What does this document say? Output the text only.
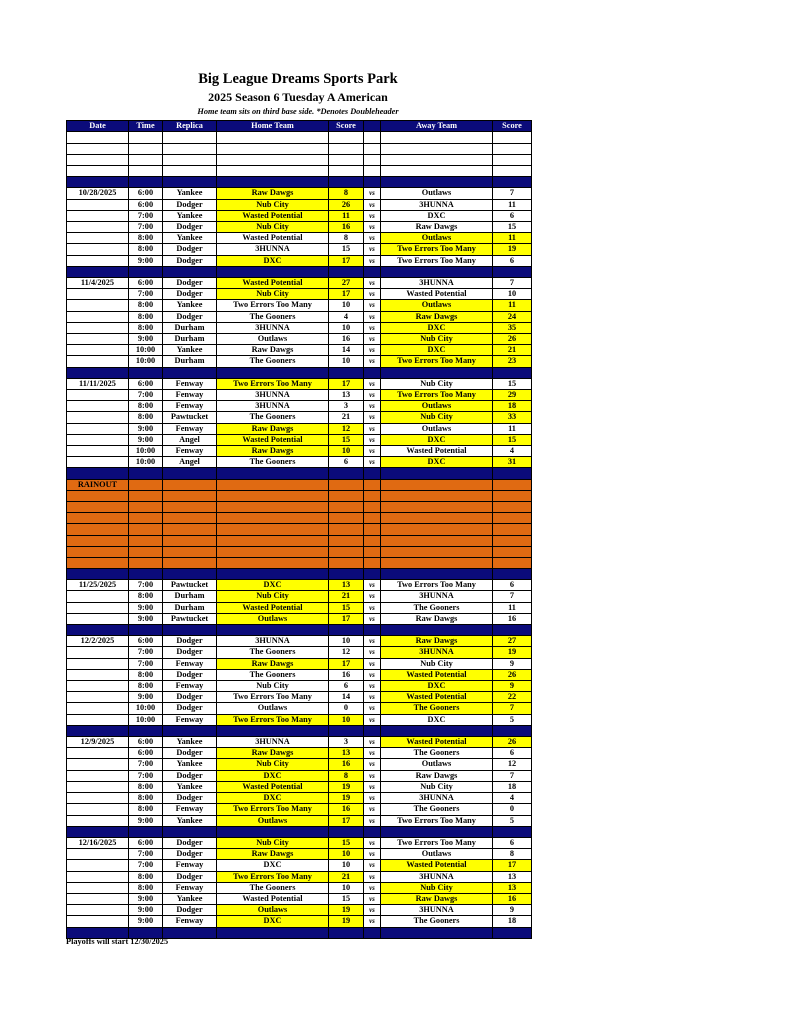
Big League Dreams Sports Park
2025 Season 6 Tuesday A American
Home team sits on third base side. *Denotes Doubleheader
Date	Time	Replica	Home Team	Score		Away Team	Score

10/28/2025	6:00	Yankee	Raw Dawgs	8	vs	Outlaws	7
	6:00	Dodger	Nub City	26	vs	3HUNNA	11
	7:00	Yankee	Wasted Potential	11	vs	DXC	6
	7:00	Dodger	Nub City	16	vs	Raw Dawgs	15
	8:00	Yankee	Wasted Potential	8	vs	Outlaws	11
	8:00	Dodger	3HUNNA	15	vs	Two Errors Too Many	19
	9:00	Dodger	DXC	17	vs	Two Errors Too Many	6

11/4/2025	6:00	Dodger	Wasted Potential	27	vs	3HUNNA	7
	7:00	Dodger	Nub City	17	vs	Wasted Potential	10
	8:00	Yankee	Two Errors Too Many	10	vs	Outlaws	11
	8:00	Dodger	The Gooners	4	vs	Raw Dawgs	24
	8:00	Durham	3HUNNA	10	vs	DXC	35
	9:00	Durham	Outlaws	16	vs	Nub City	26
	10:00	Yankee	Raw Dawgs	14	vs	DXC	21
	10:00	Durham	The Gooners	10	vs	Two Errors Too Many	23

11/11/2025	6:00	Fenway	Two Errors Too Many	17	vs	Nub City	15
	7:00	Fenway	3HUNNA	13	vs	Two Errors Too Many	29
	8:00	Fenway	3HUNNA	3	vs	Outlaws	18
	8:00	Pawtucket	The Gooners	21	vs	Nub City	33
	9:00	Fenway	Raw Dawgs	12	vs	Outlaws	11
	9:00	Angel	Wasted Potential	15	vs	DXC	15
	10:00	Fenway	Raw Dawgs	10	vs	Wasted Potential	4
	10:00	Angel	The Gooners	6	vs	DXC	31

RAINOUT							

11/25/2025	7:00	Pawtucket	DXC	13	vs	Two Errors Too Many	6
	8:00	Durham	Nub City	21	vs	3HUNNA	7
	9:00	Durham	Wasted Potential	15	vs	The Gooners	11
	9:00	Pawtucket	Outlaws	17	vs	Raw Dawgs	16

12/2/2025	6:00	Dodger	3HUNNA	10	vs	Raw Dawgs	27
	7:00	Dodger	The Gooners	12	vs	3HUNNA	19
	7:00	Fenway	Raw Dawgs	17	vs	Nub City	9
	8:00	Dodger	The Gooners	16	vs	Wasted Potential	26
	8:00	Fenway	Nub City	6	vs	DXC	9
	9:00	Dodger	Two Errors Too Many	14	vs	Wasted Potential	22
	10:00	Dodger	Outlaws	0	vs	The Gooners	7
	10:00	Fenway	Two Errors Too Many	10	vs	DXC	5

12/9/2025	6:00	Yankee	3HUNNA	3	vs	Wasted Potential	26
	6:00	Dodger	Raw Dawgs	13	vs	The Gooners	6
	7:00	Yankee	Nub City	16	vs	Outlaws	12
	7:00	Dodger	DXC	8	vs	Raw Dawgs	7
	8:00	Yankee	Wasted Potential	19	vs	Nub City	18
	8:00	Dodger	DXC	19	vs	3HUNNA	4
	8:00	Fenway	Two Errors Too Many	16	vs	The Gooners	0
	9:00	Yankee	Outlaws	17	vs	Two Errors Too Many	5

12/16/2025	6:00	Dodger	Nub City	15	vs	Two Errors Too Many	6
	7:00	Dodger	Raw Dawgs	10	vs	Outlaws	8
	7:00	Fenway	DXC	10	vs	Wasted Potential	17
	8:00	Dodger	Two Errors Too Many	21	vs	3HUNNA	13
	8:00	Fenway	The Gooners	10	vs	Nub City	13
	9:00	Yankee	Wasted Potential	15	vs	Raw Dawgs	16
	9:00	Dodger	Outlaws	19	vs	3HUNNA	9
	9:00	Fenway	DXC	19	vs	The Gooners	18

Playoffs will start 12/30/2025
